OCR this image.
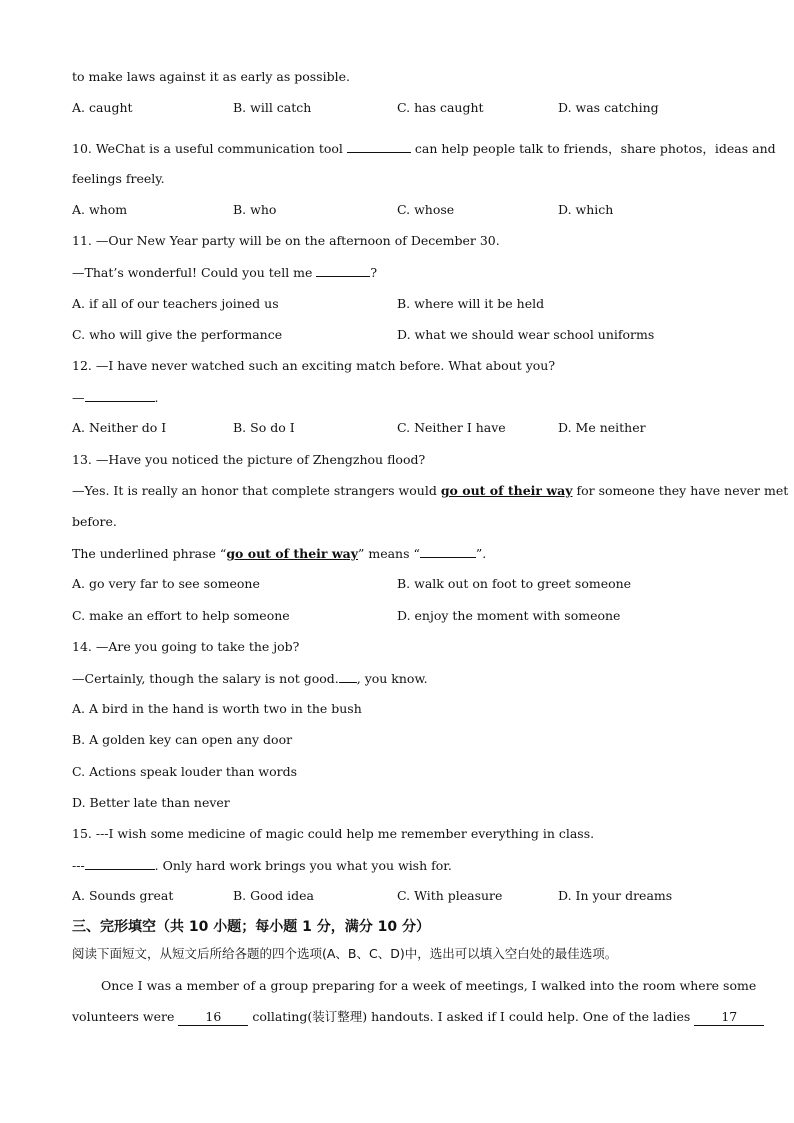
to make laws against it as early as possible.
A. caught	B. will catch	C. has caught	D. was catching
10. WeChat is a useful communication tool	can help people talk to friends，share photos，ideas and
feelings freely.
A. whom	B. who	C. whose	D. which
11. —Our New Year party will be on the afternoon of December 30.
—That’s wonderful! Could you tell me	?
A. if all of our teachers joined us	B. where will it be held
C. who will give the performance	D. what we should wear school uniforms
12. —I have never watched such an exciting match before. What about you?
—	.
A. Neither do I	B. So do I	C. Neither I have	D. Me neither
13. —Have you noticed the picture of Zhengzhou flood?
—Yes. It is really an honor that complete strangers would go out of their way for someone they have never met
before.
The underlined phrase “go out of their way” means “	”.
A. go very far to see someone	B. walk out on foot to greet someone
C. make an effort to help someone	D. enjoy the moment with someone
14. —Are you going to take the job?
—Certainly, though the salary is not good. , you know.
A. A bird in the hand is worth two in the bush
B. A golden key can open any door
C. Actions speak louder than words
D. Better late than never
15. ---I wish some medicine of magic could help me remember everything in class.
---	. Only hard work brings you what you wish for.
A. Sounds great	B. Good idea	C. With pleasure	D. In your dreams
三、完形填空（共 10 小题；每小题 1 分，满分 10 分）
阅读下面短文，从短文后所给各题的四个选项(A、B、C、D)中，选出可以填入空白处的最佳选项。
Once I was a member of a group preparing for a week of meetings, I walked into the room where some
volunteers were 16 collating(装订整理) handouts. I asked if I could help. One of the ladies 17
